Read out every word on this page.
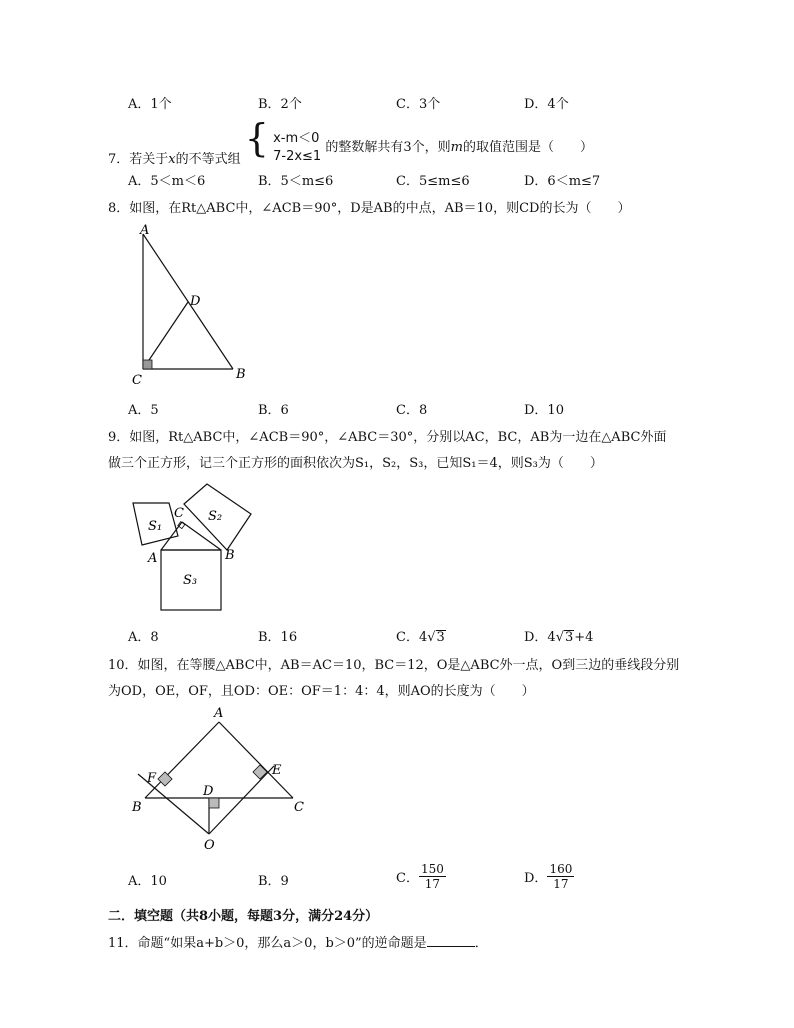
A．1个	B．2个	C．3个	D．4个
7．若关于x的不等式组 { x-m＜0
7-2x≤1
的整数解共有3个，则m的取值范围是（　　）
A．5＜m＜6	B．5＜m≤6	C．5≤m≤6	D．6＜m≤7
8．如图，在Rt△ABC中，∠ACB＝90°，D是AB的中点，AB＝10，则CD的长为（　　）
A
D
C	B
A．5	B．6	C．8	D．10
9．如图，Rt△ABC中，∠ACB＝90°，∠ABC＝30°，分别以AC，BC，AB为一边在△ABC外面
做三个正方形，记三个正方形的面积依次为S₁，S₂，S₃，已知S₁＝4，则S₃为（　　）
S₁
S₂
S₃
C
A	B
A．8	B．16	C．4√3	D．4√3+4
10．如图，在等腰△ABC中，AB＝AC＝10，BC＝12，O是△ABC外一点，O到三边的垂线段分别
为OD，OE，OF，且OD：OE：OF＝1：4：4，则AO的长度为（　　）
A
F
E
D
B	C
O
A．10	B．9	C． $\frac{150}{17}$	D． $\frac{160}{17}$
二．填空题（共8小题，每题3分，满分24分）
11．命题“如果a+b＞0，那么a＞0，b＞0”的逆命题是	．
